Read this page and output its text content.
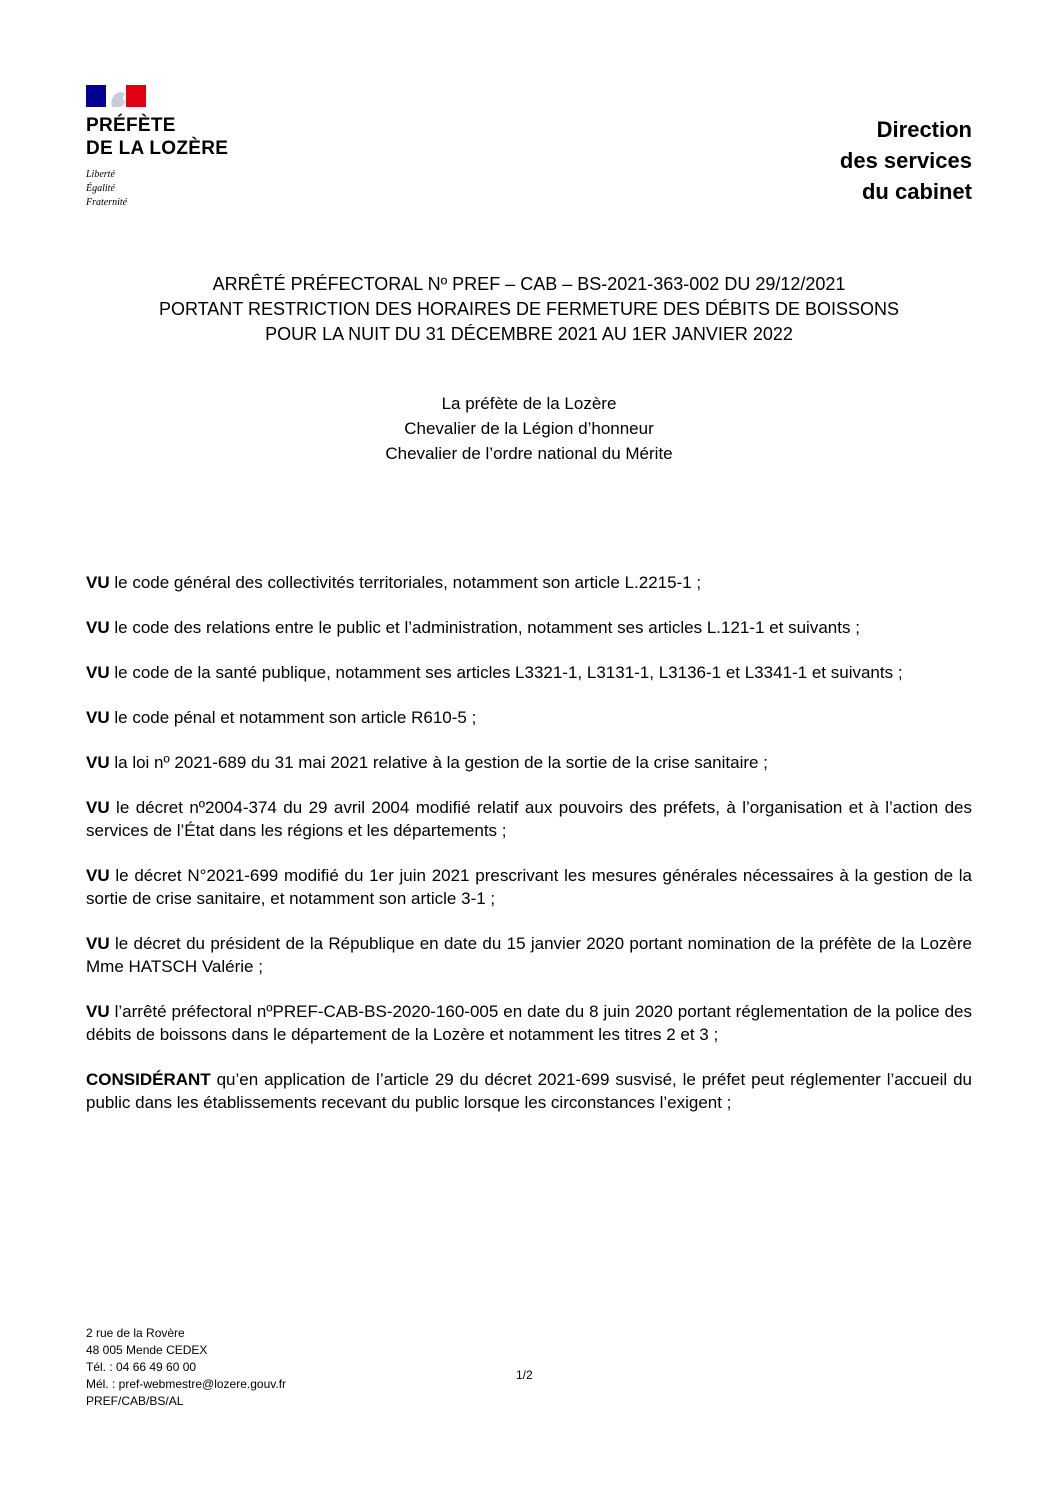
PRÉFÈTE
DE LA LOZÈRE
Liberté
Égalité
Fraternité
Direction
des services
du cabinet
ARRÊTÉ PRÉFECTORAL Nº PREF – CAB – BS-2021-363-002 DU 29/12/2021
PORTANT RESTRICTION DES HORAIRES DE FERMETURE DES DÉBITS DE BOISSONS
POUR LA NUIT DU 31 DÉCEMBRE 2021 AU 1ER JANVIER 2022
La préfète de la Lozère
Chevalier de la Légion d’honneur
Chevalier de l’ordre national du Mérite

VU le code général des collectivités territoriales, notamment son article L.2215-1 ;

VU le code des relations entre le public et l’administration, notamment ses articles L.121-1 et suivants ;

VU le code de la santé publique, notamment ses articles L3321-1, L3131-1, L3136-1 et L3341-1 et suivants ;

VU le code pénal et notamment son article R610-5 ;

VU la loi nº 2021-689 du 31 mai 2021 relative à la gestion de la sortie de la crise sanitaire ;

VU le décret nº2004-374 du 29 avril 2004 modifié relatif aux pouvoirs des préfets, à l’organisation et à l’action des services de l’État dans les régions et les départements ;

VU le décret N°2021-699 modifié du 1er juin 2021 prescrivant les mesures générales nécessaires à la gestion de la sortie de crise sanitaire, et notamment son article 3-1 ;

VU le décret du président de la République en date du 15 janvier 2020 portant nomination de la préfète de la Lozère Mme HATSCH Valérie ;

VU l’arrêté préfectoral nºPREF-CAB-BS-2020-160-005 en date du 8 juin 2020 portant réglementation de la police des débits de boissons dans le département de la Lozère et notamment les titres 2 et 3 ;

CONSIDÉRANT qu’en application de l’article 29 du décret 2021-699 susvisé, le préfet peut réglementer l’accueil du public dans les établissements recevant du public lorsque les circonstances l’exigent ;

2 rue de la Rovère
48 005 Mende CEDEX
Tél. : 04 66 49 60 00
Mél. : pref-webmestre@lozere.gouv.fr
PREF/CAB/BS/AL
1/2
